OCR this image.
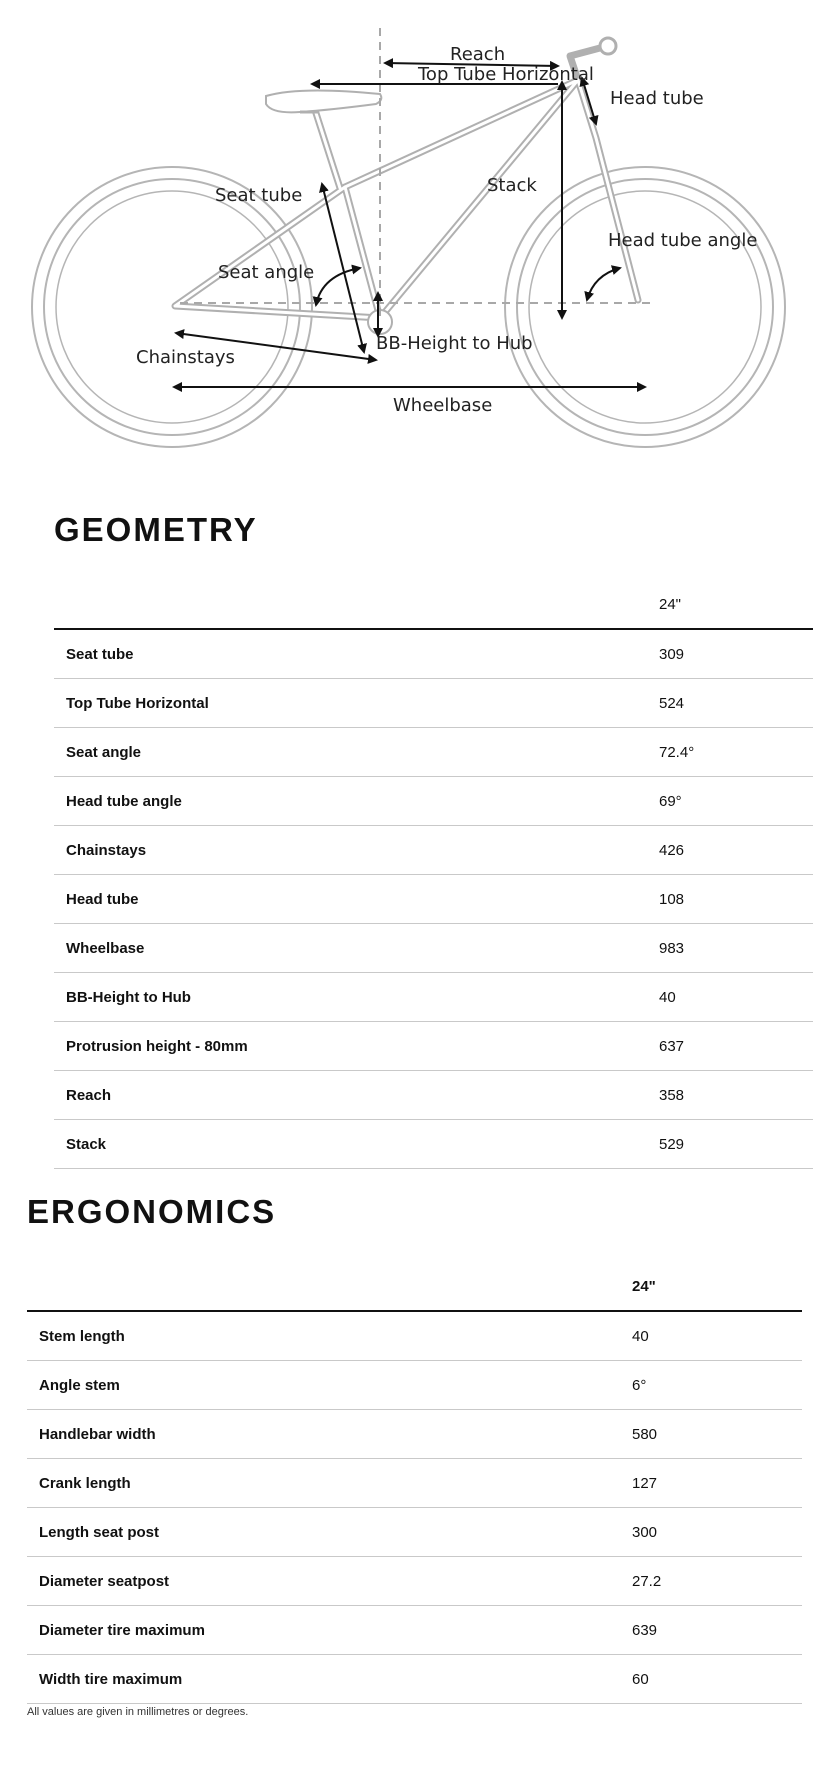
Reach
Top Tube Horizontal
Head tube
Seat tube	Stack
Head tube angle
Seat angle
BB-Height to Hub
Chainstays
Wheelbase
GEOMETRY
	24"
Seat tube	309
Top Tube Horizontal	524
Seat angle	72.4°
Head tube angle	69°
Chainstays	426
Head tube	108
Wheelbase	983
BB-Height to Hub	40
Protrusion height - 80mm	637
Reach	358
Stack	529
ERGONOMICS
	24"
Stem length	40
Angle stem	6°
Handlebar width	580
Crank length	127
Length seat post	300
Diameter seatpost	27.2
Diameter tire maximum	639
Width tire maximum	60

All values are given in millimetres or degrees.
